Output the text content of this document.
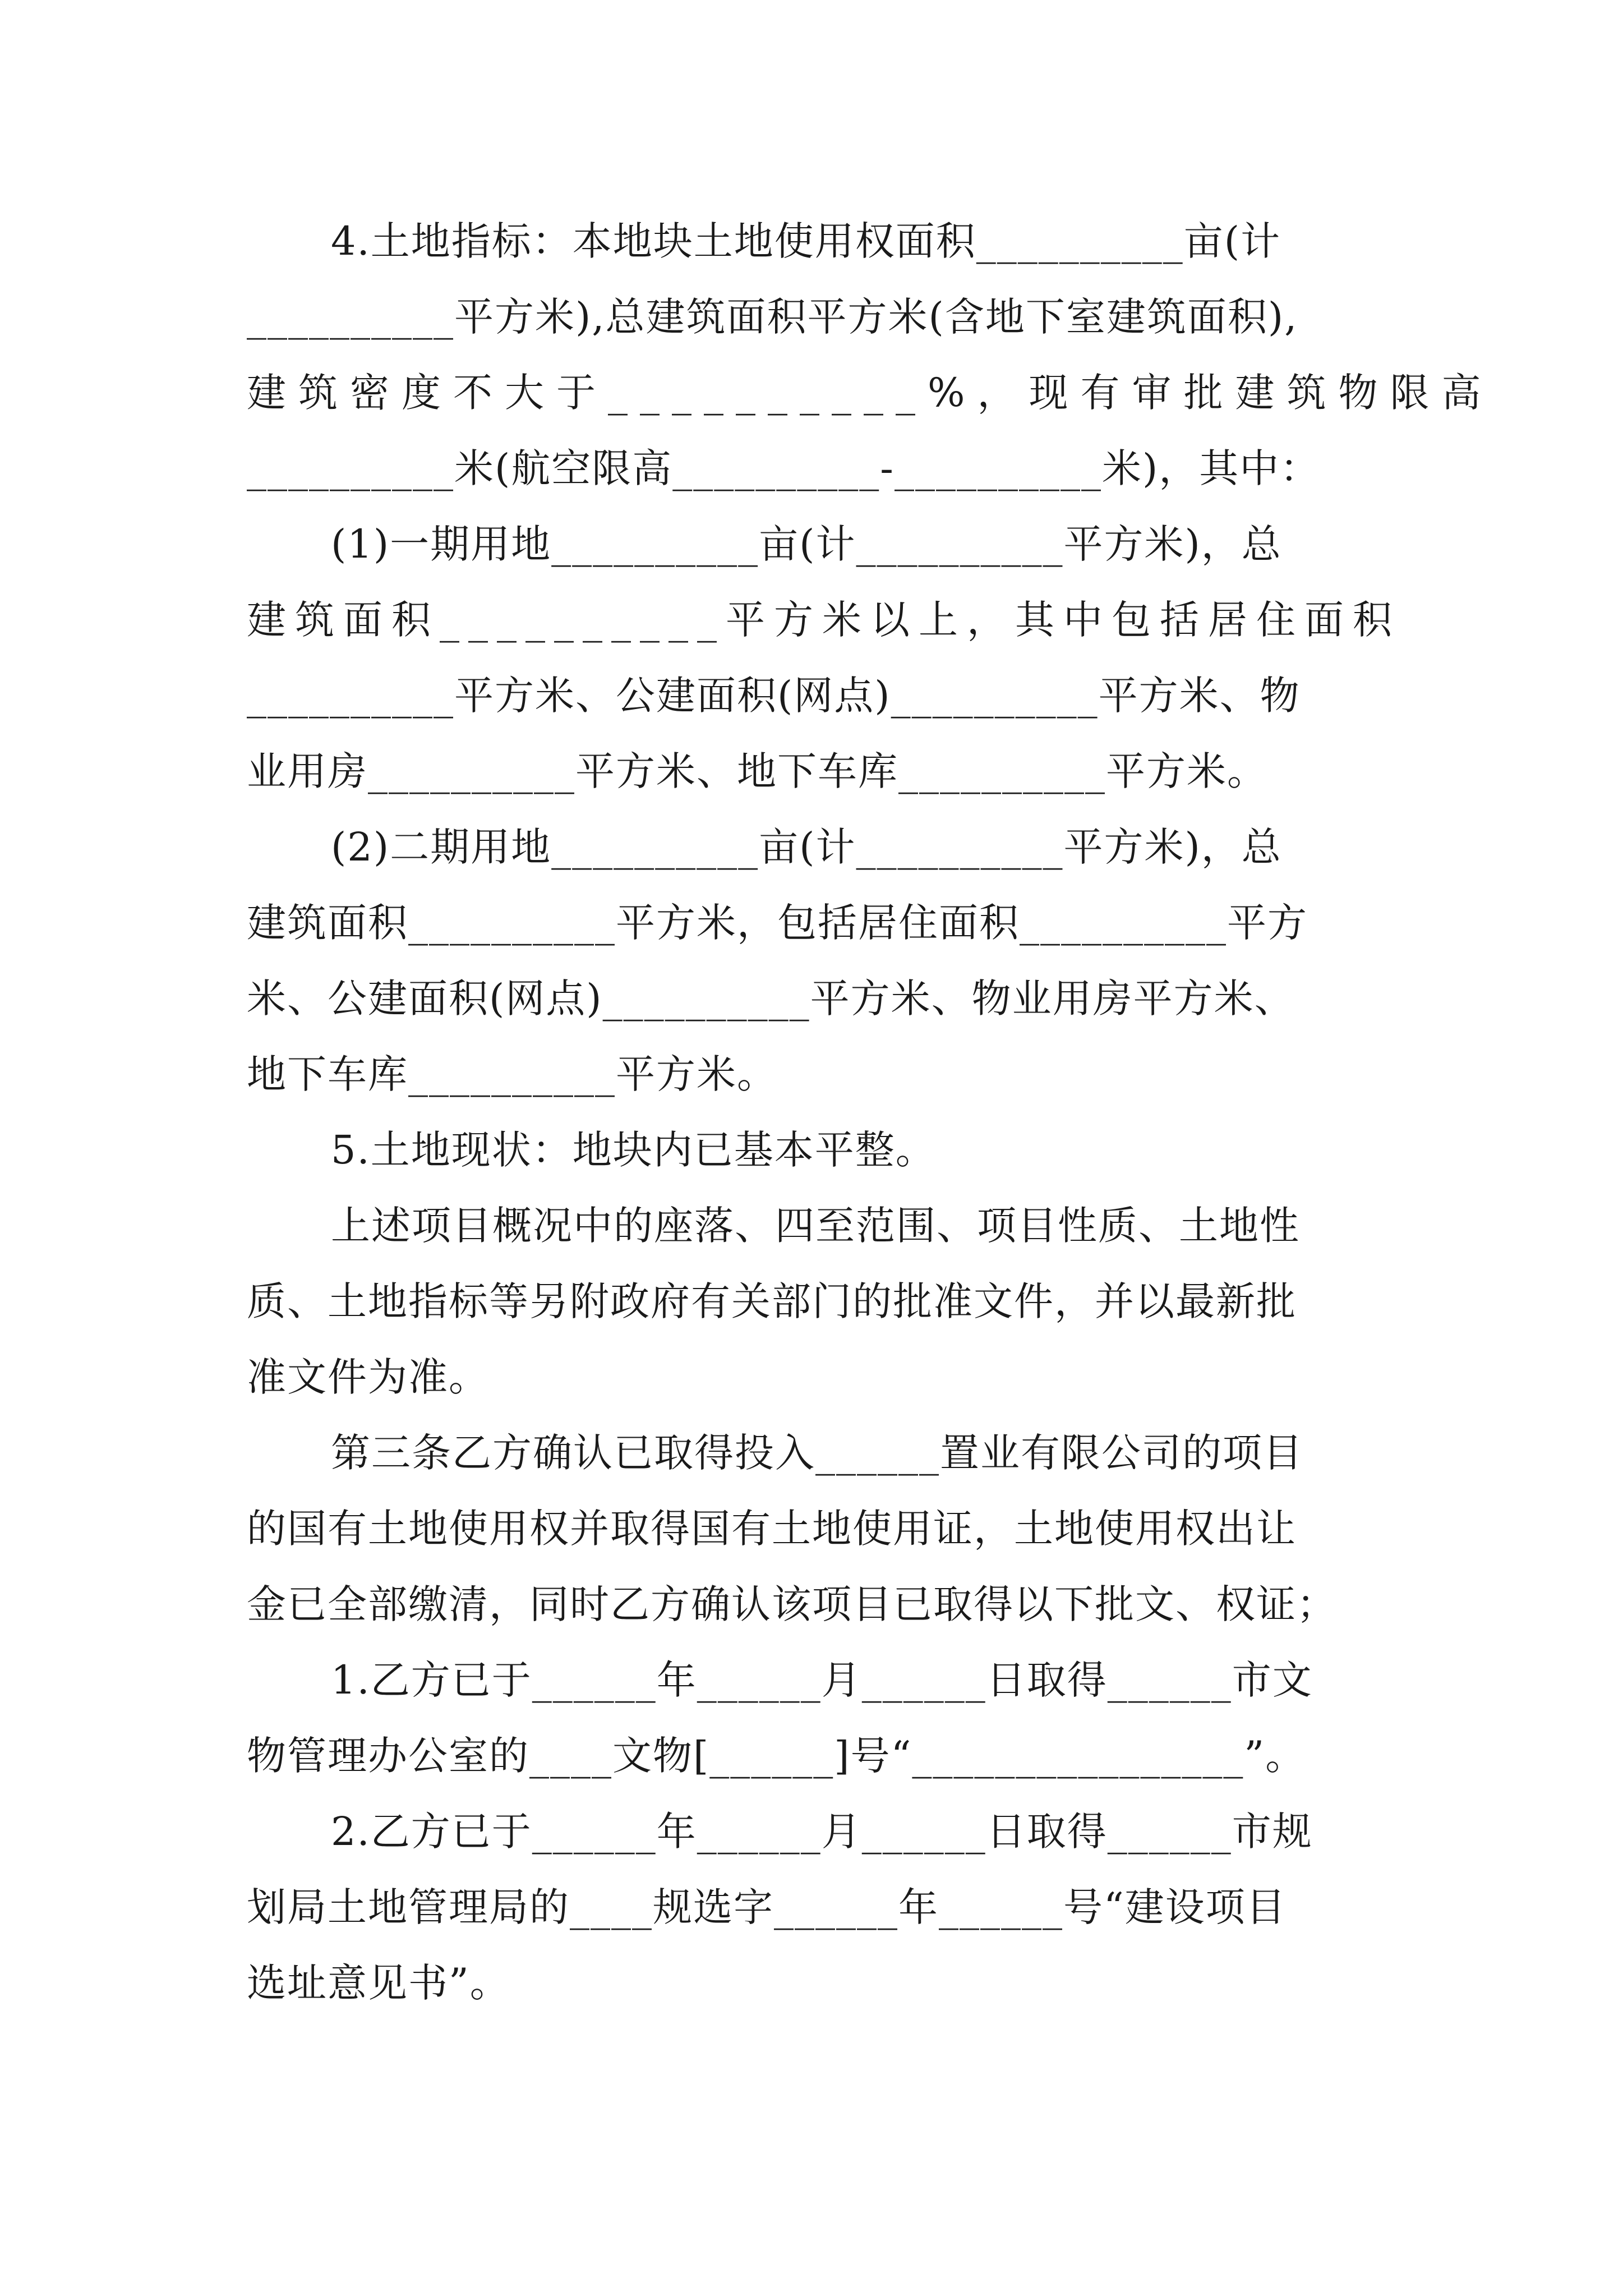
4.土地指标：本地块土地使用权面积__________亩(计
__________平方米),总建筑面积平方米(含地下室建筑面积),
建筑密度不大于__________%，现有审批建筑物限高
__________米(航空限高__________-__________米)，其中：
(1)一期用地__________亩(计__________平方米)，总
建筑面积__________平方米以上，其中包括居住面积
__________平方米、公建面积(网点)__________平方米、物
业用房__________平方米、地下车库__________平方米。
(2)二期用地__________亩(计__________平方米)，总
建筑面积__________平方米，包括居住面积__________平方
米、公建面积(网点)__________平方米、物业用房平方米、
地下车库__________平方米。
5.土地现状：地块内已基本平整。
上述项目概况中的座落、四至范围、项目性质、土地性
质、土地指标等另附政府有关部门的批准文件，并以最新批
准文件为准。
第三条乙方确认已取得投入______置业有限公司的项目
的国有土地使用权并取得国有土地使用证，土地使用权出让
金已全部缴清，同时乙方确认该项目已取得以下批文、权证；
1.乙方已于______年______月______日取得______市文
物管理办公室的____文物[______]号“________________”。
2.乙方已于______年______月______日取得______市规
划局土地管理局的____规选字______年______号“建设项目
选址意见书”。
